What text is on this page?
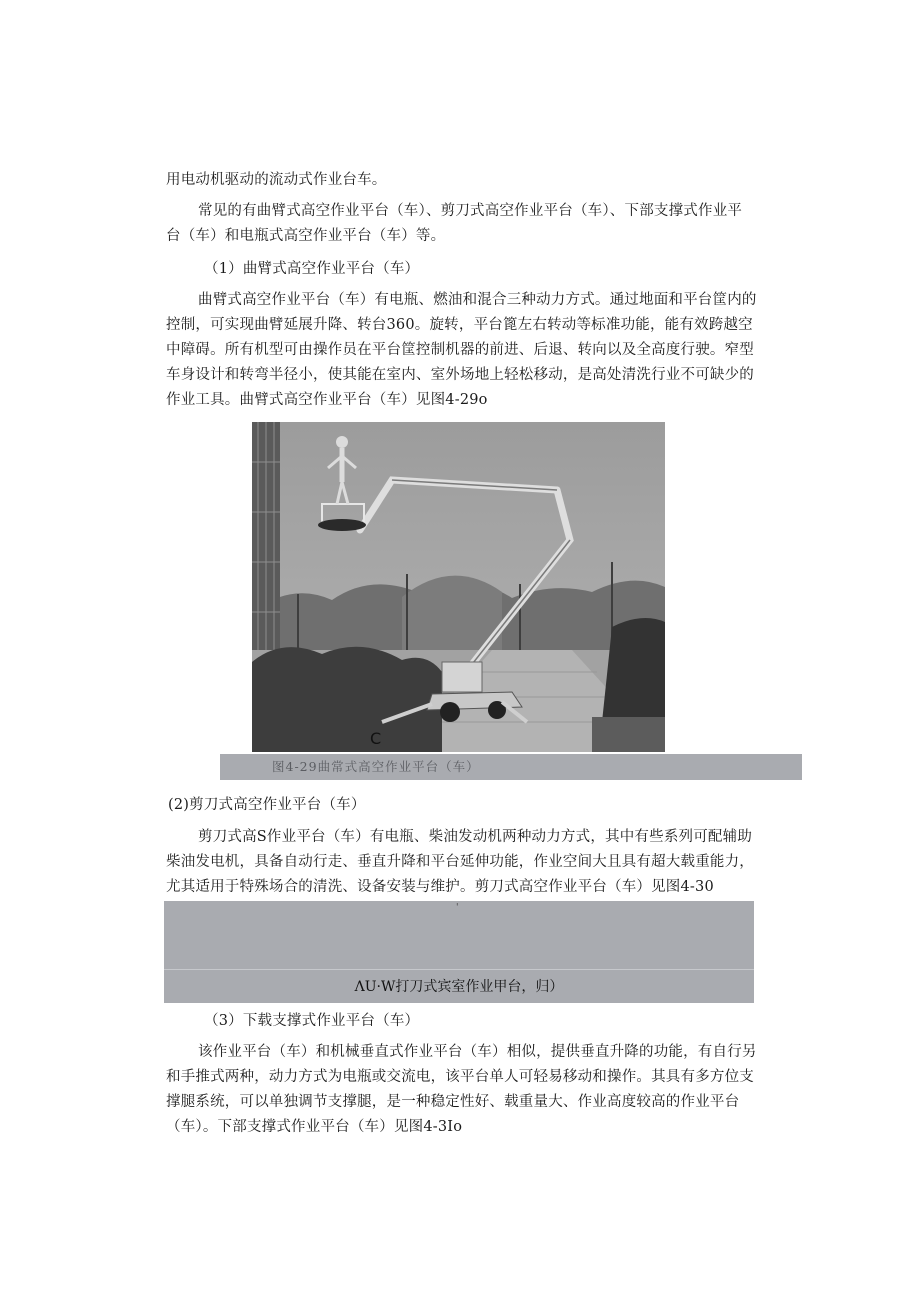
用电动机驱动的流动式作业台车。
常见的有曲臂式高空作业平台（车）、剪刀式高空作业平台（车）、下部支撑式作业平
台（车）和电瓶式高空作业平台（车）等。
（1）曲臂式高空作业平台（车）
曲臂式高空作业平台（车）有电瓶、燃油和混合三种动力方式。通过地面和平台筐内的
控制，可实现曲臂延展升降、转台360。旋转，平台篦左右转动等标准功能，能有效跨越空
中障碍。所有机型可由操作员在平台筐控制机器的前进、后退、转向以及全高度行驶。窄型
车身设计和转弯半径小，使其能在室内、室外场地上轻松移动，是高处清洗行业不可缺少的
作业工具。曲臂式高空作业平台（车）见图4-29o
C
图4-29曲常式高空作业平台（车）
(2)剪刀式高空作业平台（车）
剪刀式高S作业平台（车）有电瓶、柴油发动机两种动力方式，其中有些系列可配辅助
柴油发电机，具备自动行走、垂直升降和平台延伸功能，作业空间大且具有超大载重能力，
尤其适用于特殊场合的清洗、设备安装与维护。剪刀式高空作业平台（车）见图4-30
'
ΛU·W打刀式宾室作业甲台，归）
（3）下载支撑式作业平台（车）
该作业平台（车）和机械垂直式作业平台（车）相似，提供垂直升降的功能，有自行另
和手推式两种，动力方式为电瓶或交流电，该平台单人可轻易移动和操作。其具有多方位支
撑腿系统，可以单独调节支撑腿，是一种稳定性好、载重量大、作业高度较高的作业平台
（车）。下部支撑式作业平台（车）见图4-3Io
